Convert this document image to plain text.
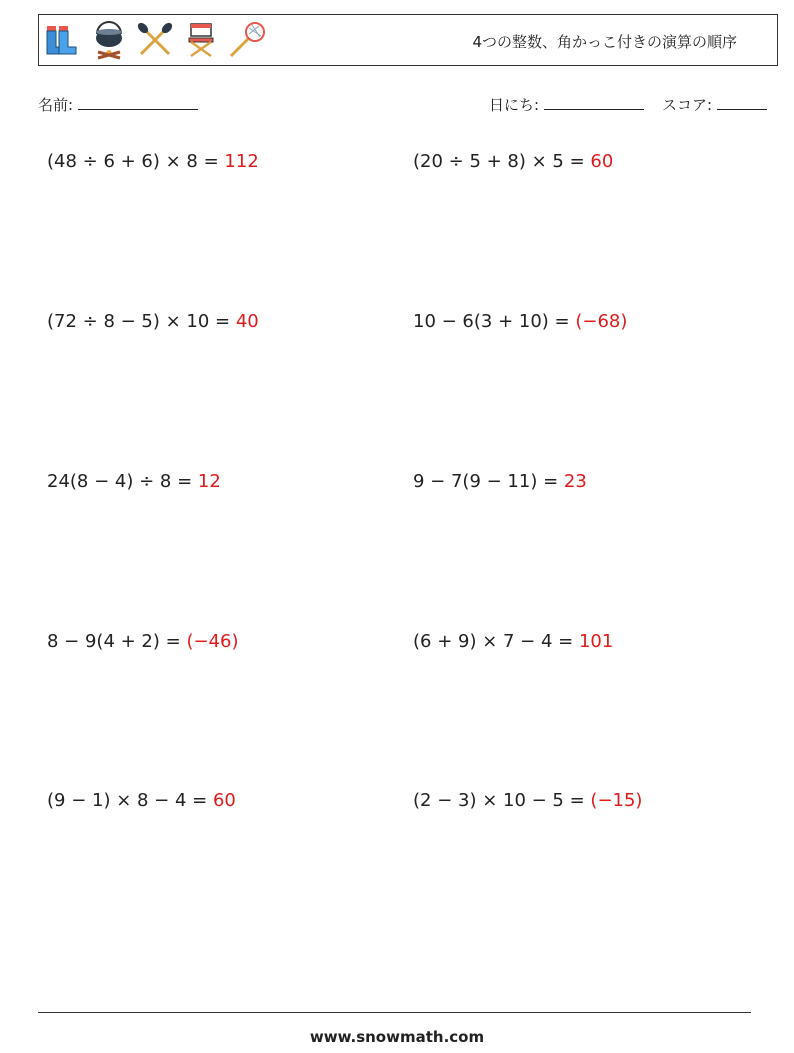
4つの整数、角かっこ付きの演算の順序
名前:	日にち:	スコア:
(48 ÷ 6 + 6) × 8 = 112	(20 ÷ 5 + 8) × 5 = 60
(72 ÷ 8 − 5) × 10 = 40	10 − 6(3 + 10) = (−68)
24(8 − 4) ÷ 8 = 12	9 − 7(9 − 11) = 23
8 − 9(4 + 2) = (−46)	(6 + 9) × 7 − 4 = 101
(9 − 1) × 8 − 4 = 60	(2 − 3) × 10 − 5 = (−15)
www.snowmath.com
